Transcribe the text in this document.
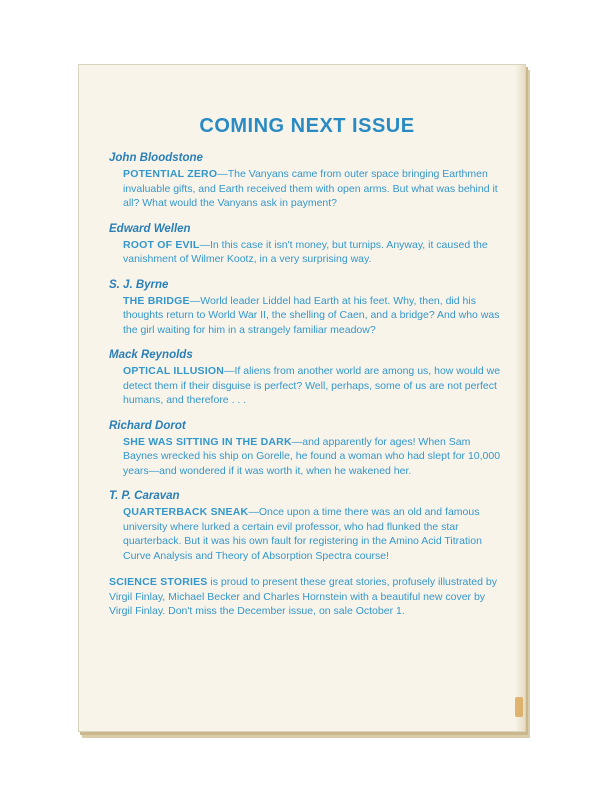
COMING NEXT ISSUE
John Bloodstone
POTENTIAL ZERO—The Vanyans came from outer space bringing Earthmen invaluable gifts, and Earth received them with open arms. But what was behind it all? What would the Vanyans ask in payment?
Edward Wellen
ROOT OF EVIL—In this case it isn't money, but turnips. Anyway, it caused the vanishment of Wilmer Kootz, in a very surprising way.
S. J. Byrne
THE BRIDGE—World leader Liddel had Earth at his feet. Why, then, did his thoughts return to World War II, the shelling of Caen, and a bridge? And who was the girl waiting for him in a strangely familiar meadow?
Mack Reynolds
OPTICAL ILLUSION—If aliens from another world are among us, how would we detect them if their disguise is perfect? Well, perhaps, some of us are not perfect humans, and therefore . . .
Richard Dorot
SHE WAS SITTING IN THE DARK—and apparently for ages! When Sam Baynes wrecked his ship on Gorelle, he found a woman who had slept for 10,000 years—and wondered if it was worth it, when he wakened her.
T. P. Caravan
QUARTERBACK SNEAK—Once upon a time there was an old and famous university where lurked a certain evil professor, who had flunked the star quarterback. But it was his own fault for registering in the Amino Acid Titration Curve Analysis and Theory of Absorption Spectra course!
SCIENCE STORIES is proud to present these great stories, profusely illustrated by Virgil Finlay, Michael Becker and Charles Hornstein with a beautiful new cover by Virgil Finlay. Don't miss the December issue, on sale October 1.
